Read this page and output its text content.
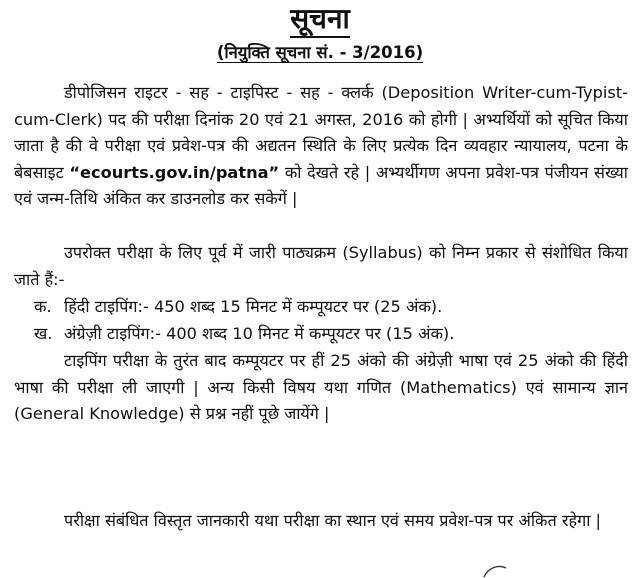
सूचना
(नियुक्ति सूचना सं. - 3/2016)
डीपोजिसन राइटर - सह - टाइपिस्ट - सह - क्लर्क (Deposition Writer-cum-Typist-cum-Clerk) पद की परीक्षा दिनांक 20 एवं 21 अगस्त, 2016 को होगी | अभ्यर्थियों को सूचित किया जाता है की वे परीक्षा एवं प्रवेश-पत्र की अद्यतन स्थिति के लिए प्रत्येक दिन व्यवहार न्यायालय, पटना के बेबसाइट “ecourts.gov.in/patna” को देखते रहे | अभ्यर्थीगण अपना प्रवेश-पत्र पंजीयन संख्या एवं जन्म-तिथि अंकित कर डाउनलोड कर सकेगें |
उपरोक्त परीक्षा के लिए पूर्व में जारी पाठ्यक्रम (Syllabus) को निम्न प्रकार से संशोधित किया जाते हैं:-
क. हिंदी टाइपिंग:- 450 शब्द 15 मिनट में कम्पूयटर पर (25 अंक).
ख. अंग्रेज़ी टाइपिंग:- 400 शब्द 10 मिनट में कम्पूयटर पर (15 अंक).
टाइपिंग परीक्षा के तुरंत बाद कम्पूयटर पर हीं 25 अंको की अंग्रेज़ी भाषा एवं 25 अंको की हिंदी भाषा की परीक्षा ली जाएगी | अन्य किसी विषय यथा गणित (Mathematics) एवं सामान्य ज्ञान (General Knowledge) से प्रश्न नहीं पूछे जायेंगे |
परीक्षा संबंधित विस्तृत जानकारी यथा परीक्षा का स्थान एवं समय प्रवेश-पत्र पर अंकित रहेगा |
